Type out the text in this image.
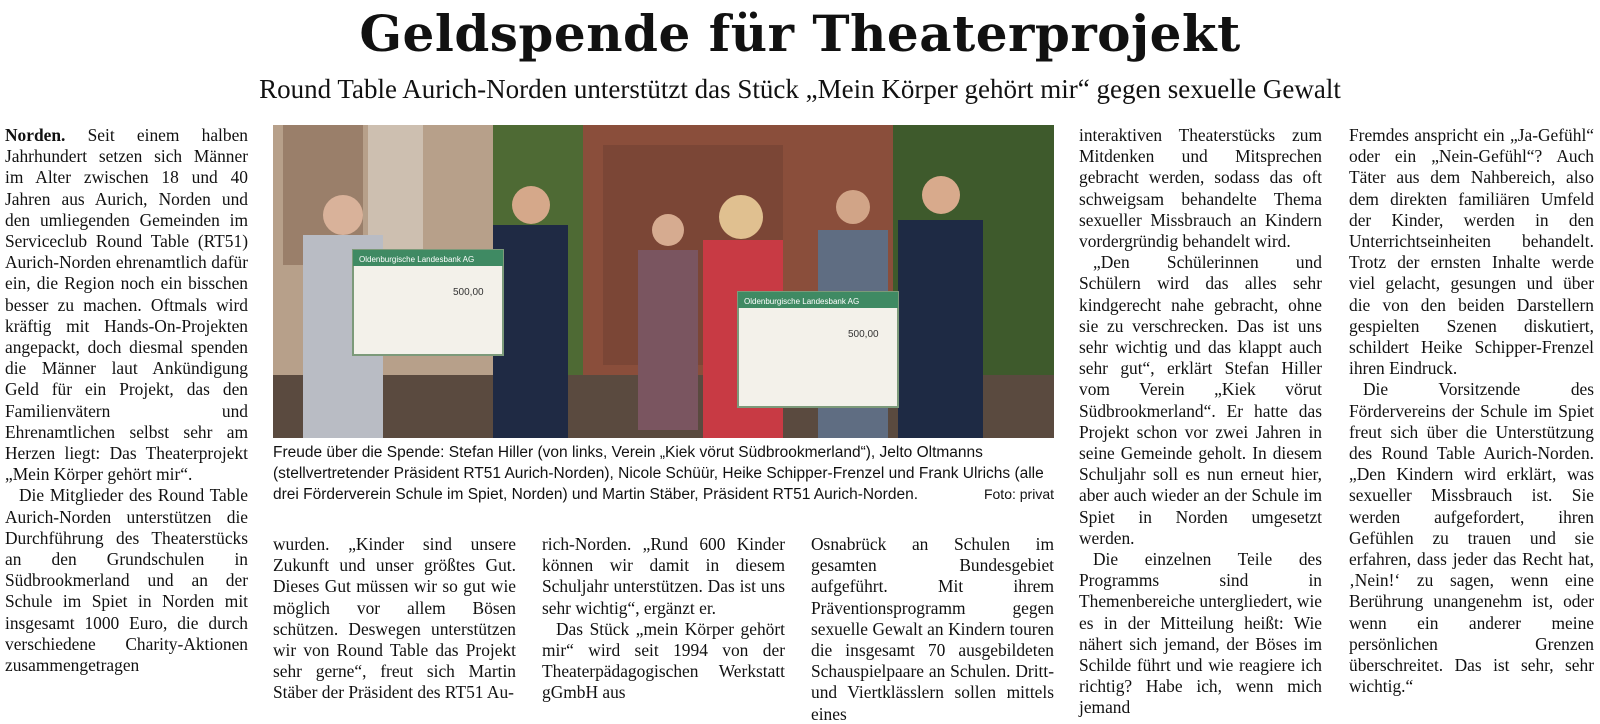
Geldspende für Theaterprojekt
Round Table Aurich-Norden unterstützt das Stück „Mein Körper gehört mir“ gegen sexuelle Gewalt

Norden. Seit einem halben Jahrhundert setzen sich Männer im Alter zwischen 18 und 40 Jahren aus Aurich, Norden und den umliegenden Gemeinden im Serviceclub Round Table (RT51) Aurich-Norden ehrenamtlich dafür ein, die Region noch ein bisschen besser zu machen. Oftmals wird kräftig mit Hands-On-Projekten angepackt, doch diesmal spenden die Männer laut Ankündigung Geld für ein Projekt, das den Familienvätern und Ehrenamtlichen selbst sehr am Herzen liegt: Das Theaterprojekt „Mein Körper gehört mir“.

Die Mitglieder des Round Table Aurich-Norden unterstützen die Durchführung des Theaterstücks an den Grundschulen in Südbrookmerland und an der Schule im Spiet in Norden mit insgesamt 1000 Euro, die durch verschiedene Charity-Aktionen zusammengetragen

Oldenburgische Landesbank AG
500,00
Oldenburgische Landesbank AG
500,00
Freude über die Spende: Stefan Hiller (von links, Verein „Kiek vörut Südbrookmerland“), Jelto Oltmanns (stellvertretender Präsident RT51 Aurich-Norden), Nicole Schüür, Heike Schipper-Frenzel und Frank Ulrichs (alle drei Förderverein Schule im Spiet, Norden) und Martin Stäber, Präsident RT51 Aurich-Norden.	Foto: privat

wurden. „Kinder sind unsere Zukunft und unser größtes Gut. Dieses Gut müssen wir so gut wie möglich vor allem Bösen schützen. Deswegen unterstützen wir von Round Table das Projekt sehr gerne“, freut sich Martin Stäber der Präsident des RT51 Au-

rich-Norden. „Rund 600 Kinder können wir damit in diesem Schuljahr unterstützen. Das ist uns sehr wichtig“, ergänzt er.

Das Stück „mein Körper gehört mir“ wird seit 1994 von der Theaterpädagogischen Werkstatt gGmbH aus

Osnabrück an Schulen im gesamten Bundesgebiet aufgeführt. Mit ihrem Präventionsprogramm gegen sexuelle Gewalt an Kindern touren die insgesamt 70 ausgebildeten Schauspielpaare an Schulen. Dritt- und Viertklässlern sollen mittels eines

interaktiven Theaterstücks zum Mitdenken und Mitsprechen gebracht werden, sodass das oft schweigsam behandelte Thema sexueller Missbrauch an Kindern vordergründig behandelt wird.

„Den Schülerinnen und Schülern wird das alles sehr kindgerecht nahe gebracht, ohne sie zu verschrecken. Das ist uns sehr wichtig und das klappt auch sehr gut“, erklärt Stefan Hiller vom Verein „Kiek vörut Südbrookmerland“. Er hatte das Projekt schon vor zwei Jahren in seine Gemeinde geholt. In diesem Schuljahr soll es nun erneut hier, aber auch wieder an der Schule im Spiet in Norden umgesetzt werden.

Die einzelnen Teile des Programms sind in Themenbereiche untergliedert, wie es in der Mitteilung heißt: Wie nähert sich jemand, der Böses im Schilde führt und wie reagiere ich richtig? Habe ich, wenn mich jemand

Fremdes anspricht ein „Ja-Gefühl“ oder ein „Nein-Gefühl“? Auch Täter aus dem Nahbereich, also dem direkten familiären Umfeld der Kinder, werden in den Unterrichtseinheiten behandelt. Trotz der ernsten Inhalte werde viel gelacht, gesungen und über die von den beiden Darstellern gespielten Szenen diskutiert, schildert Heike Schipper-Frenzel ihren Eindruck.

Die Vorsitzende des Fördervereins der Schule im Spiet freut sich über die Unterstützung des Round Table Aurich-Norden. „Den Kindern wird erklärt, was sexueller Missbrauch ist. Sie werden aufgefordert, ihren Gefühlen zu trauen und sie erfahren, dass jeder das Recht hat, ‚Nein!‘ zu sagen, wenn eine Berührung unangenehm ist, oder wenn ein anderer meine persönlichen Grenzen überschreitet. Das ist sehr, sehr wichtig.“
